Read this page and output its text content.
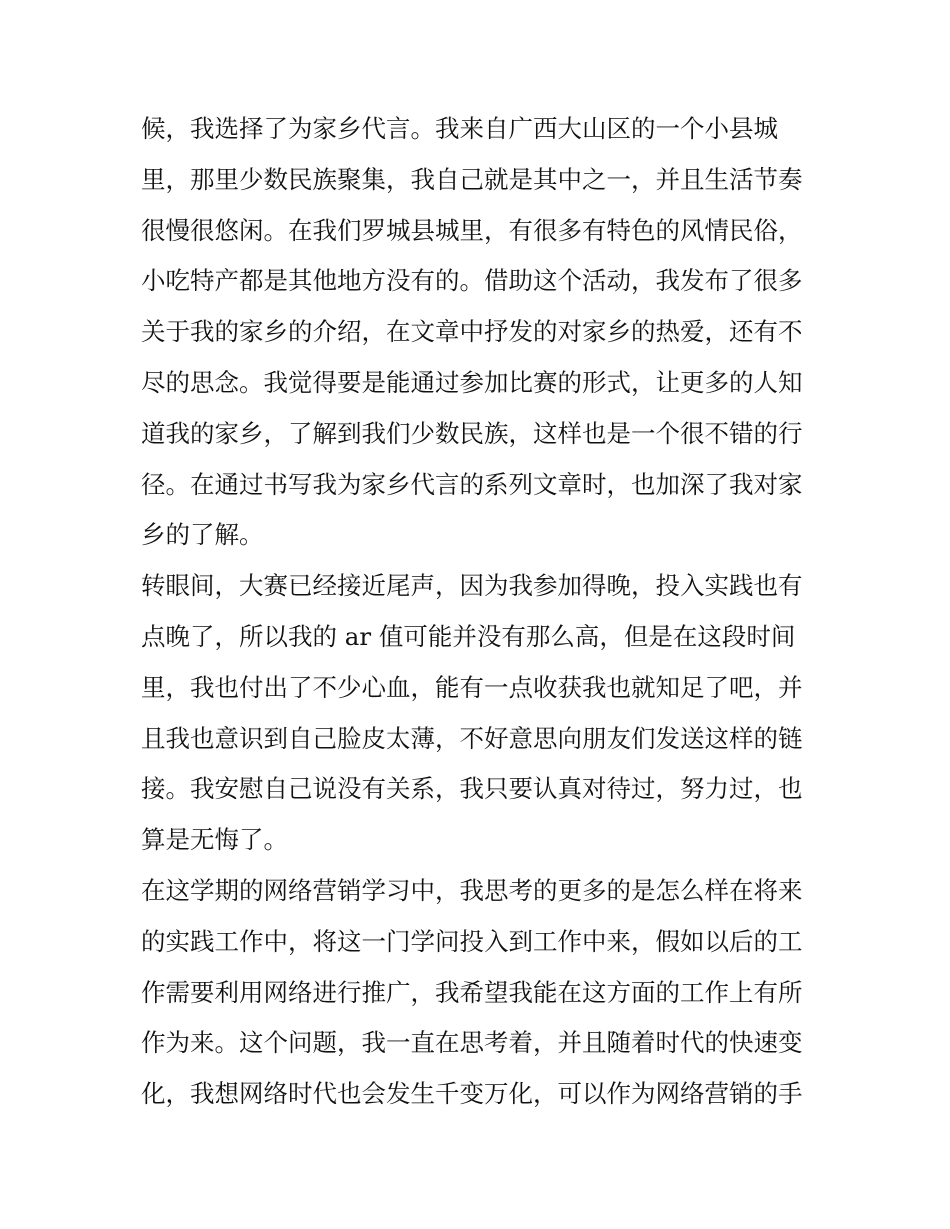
候，我选择了为家乡代言。我来自广西大山区的一个小县城
里，那里少数民族聚集，我自己就是其中之一，并且生活节奏
很慢很悠闲。在我们罗城县城里，有很多有特色的风情民俗，
小吃特产都是其他地方没有的。借助这个活动，我发布了很多
关于我的家乡的介绍，在文章中抒发的对家乡的热爱，还有不
尽的思念。我觉得要是能通过参加比赛的形式，让更多的人知
道我的家乡，了解到我们少数民族，这样也是一个很不错的行
径。在通过书写我为家乡代言的系列文章时，也加深了我对家
乡的了解。
转眼间，大赛已经接近尾声，因为我参加得晚，投入实践也有
点晚了，所以我的 ar 值可能并没有那么高，但是在这段时间
里，我也付出了不少心血，能有一点收获我也就知足了吧，并
且我也意识到自己脸皮太薄，不好意思向朋友们发送这样的链
接。我安慰自己说没有关系，我只要认真对待过，努力过，也
算是无悔了。
在这学期的网络营销学习中，我思考的更多的是怎么样在将来
的实践工作中，将这一门学问投入到工作中来，假如以后的工
作需要利用网络进行推广，我希望我能在这方面的工作上有所
作为来。这个问题，我一直在思考着，并且随着时代的快速变
化，我想网络时代也会发生千变万化，可以作为网络营销的手
